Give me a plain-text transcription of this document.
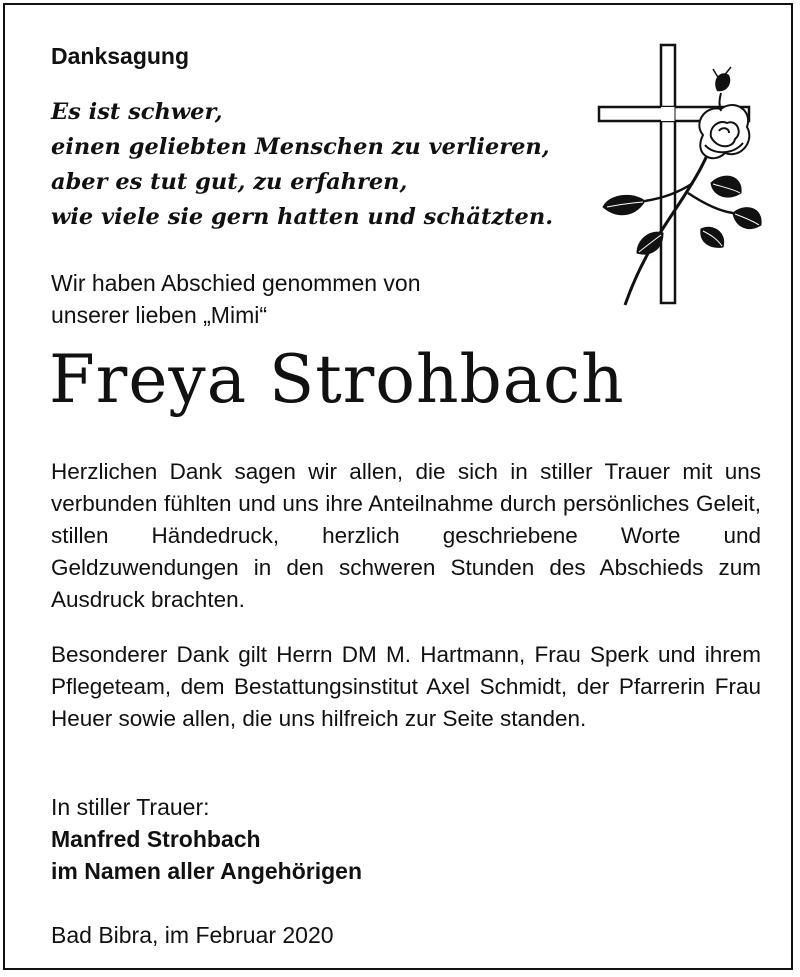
Danksagung
Es ist schwer,
einen geliebten Menschen zu verlieren,
aber es tut gut, zu erfahren,
wie viele sie gern hatten und schätzten.
Wir haben Abschied genommen von
unserer lieben „Mimi“
Freya Strohbach
Herzlichen Dank sagen wir allen, die sich in stiller Trauer mit uns verbunden fühlten und uns ihre Anteilnahme durch persönliches Geleit, stillen Händedruck, herzlich geschriebene Worte und Geldzuwendungen in den schweren Stunden des Abschieds zum Ausdruck brachten.
Besonderer Dank gilt Herrn DM M. Hartmann, Frau Sperk und ihrem Pflegeteam, dem Bestattungsinstitut Axel Schmidt, der Pfarrerin Frau Heuer sowie allen, die uns hilfreich zur Seite standen.
In stiller Trauer:
Manfred Strohbach
im Namen aller Angehörigen
Bad Bibra, im Februar 2020
